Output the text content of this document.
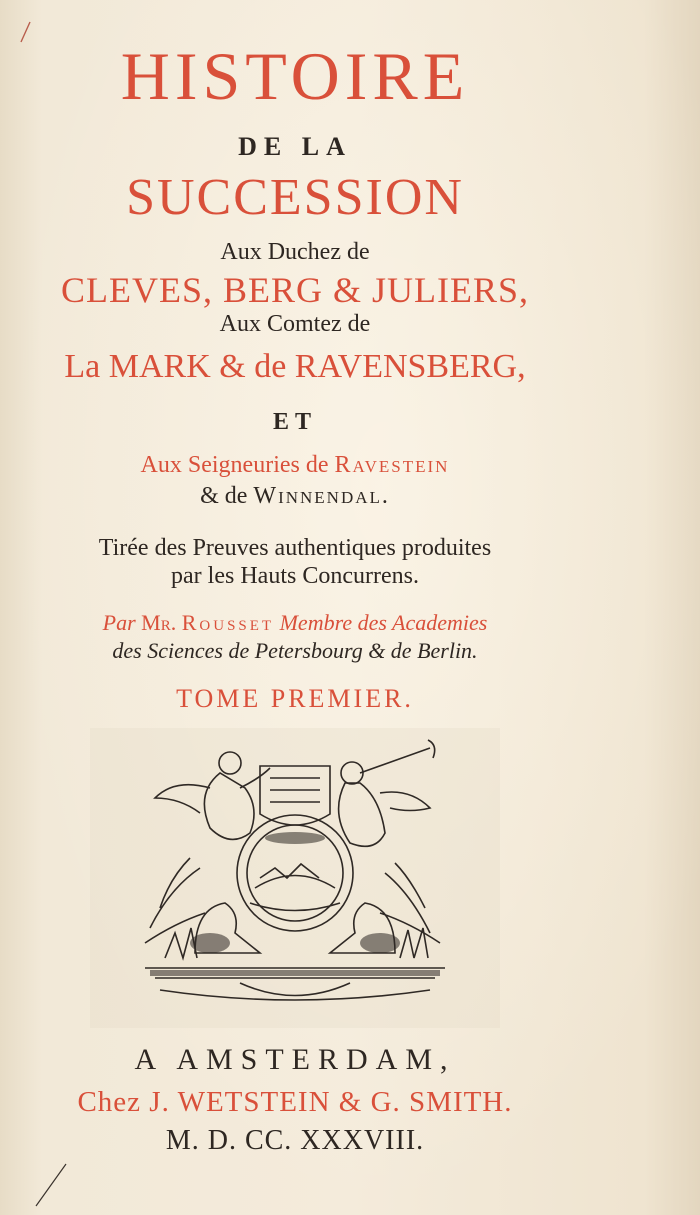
HISTOIRE
DE LA
SUCCESSION
Aux Duchez de
CLEVES, BERG & JULIERS,
Aux Comtez de
La MARK & de RAVENSBERG,
ET
Aux Seigneuries de Ravestein
& de Winnendal.
Tirée des Preuves authentiques produites
par les Hauts Concurrens.
Par Mr. Rousset Membre des Academies
des Sciences de Petersbourg & de Berlin.
TOME PREMIER.
A AMSTERDAM,
Chez J. WETSTEIN & G. SMITH.
M. D. CC. XXXVIII.
